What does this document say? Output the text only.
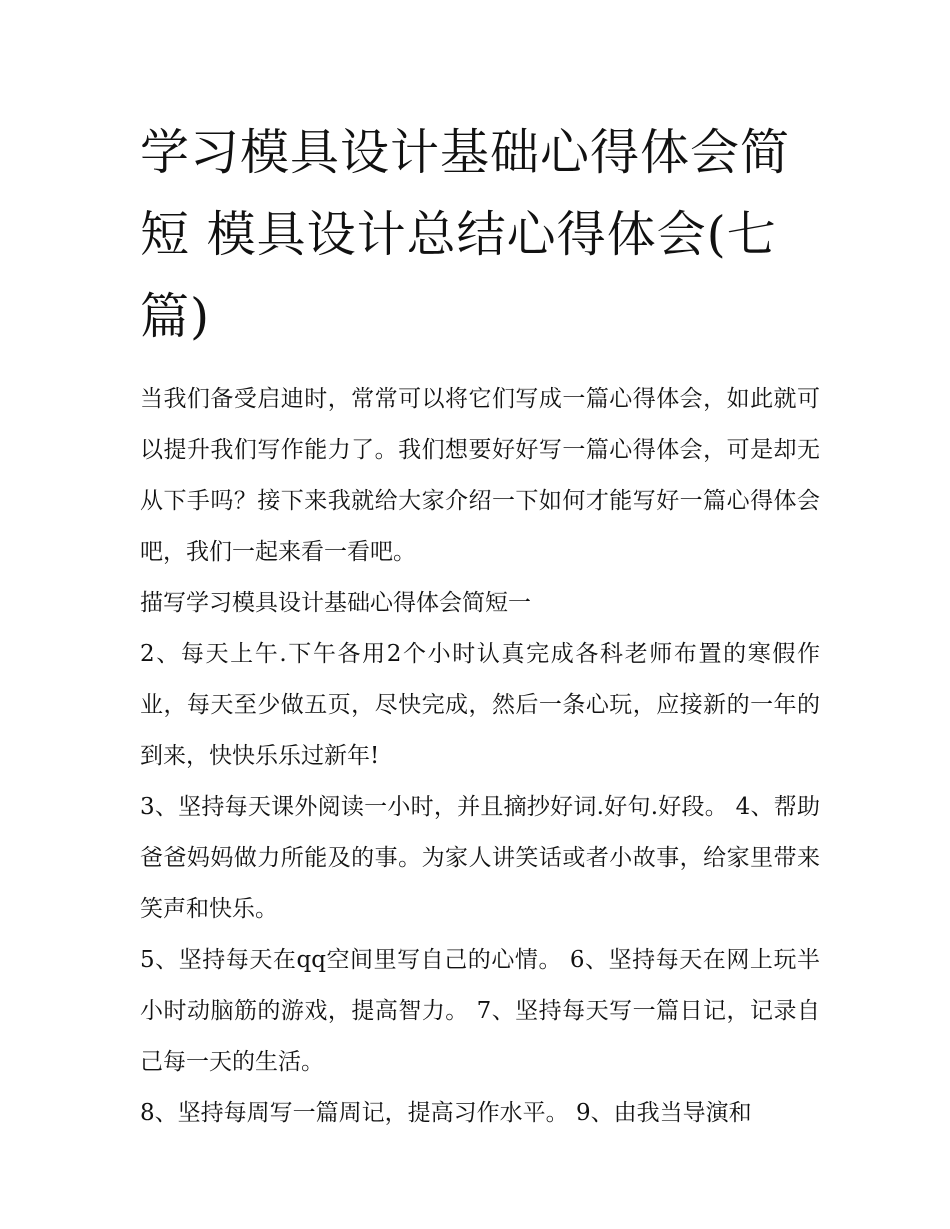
学习模具设计基础心得体会简短 模具设计总结心得体会(七篇)

当我们备受启迪时，常常可以将它们写成一篇心得体会，如此就可以提升我们写作能力了。我们想要好好写一篇心得体会，可是却无从下手吗？接下来我就给大家介绍一下如何才能写好一篇心得体会吧，我们一起来看一看吧。

描写学习模具设计基础心得体会简短一

2、每天上午.下午各用2个小时认真完成各科老师布置的寒假作业，每天至少做五页，尽快完成，然后一条心玩，应接新的一年的到来，快快乐乐过新年!

3、坚持每天课外阅读一小时，并且摘抄好词.好句.好段。 4、帮助爸爸妈妈做力所能及的事。为家人讲笑话或者小故事，给家里带来笑声和快乐。

5、坚持每天在qq空间里写自己的心情。 6、坚持每天在网上玩半小时动脑筋的游戏，提高智力。 7、坚持每天写一篇日记，记录自己每一天的生活。

8、坚持每周写一篇周记，提高习作水平。 9、由我当导演和
